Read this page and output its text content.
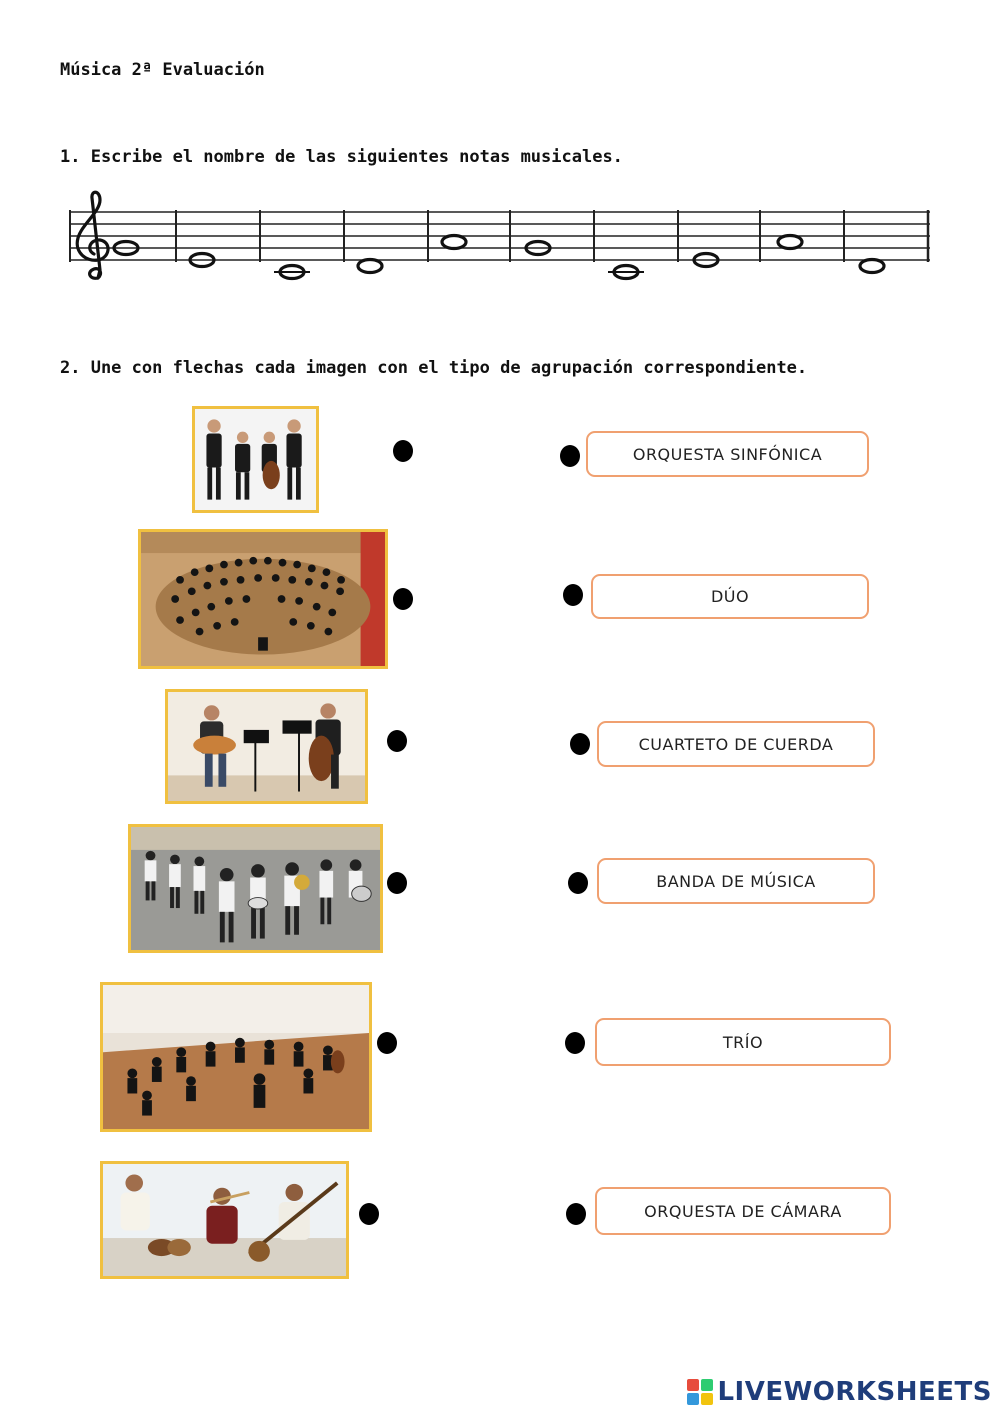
Música 2ª Evaluación
1. Escribe el nombre de las siguientes notas musicales.
2. Une con flechas cada imagen con el tipo de agrupación correspondiente.
ORQUESTA SINFÓNICA
DÚO
CUARTETO DE CUERDA
BANDA DE MÚSICA
TRÍO
ORQUESTA DE CÁMARA
LIVEWORKSHEETS
